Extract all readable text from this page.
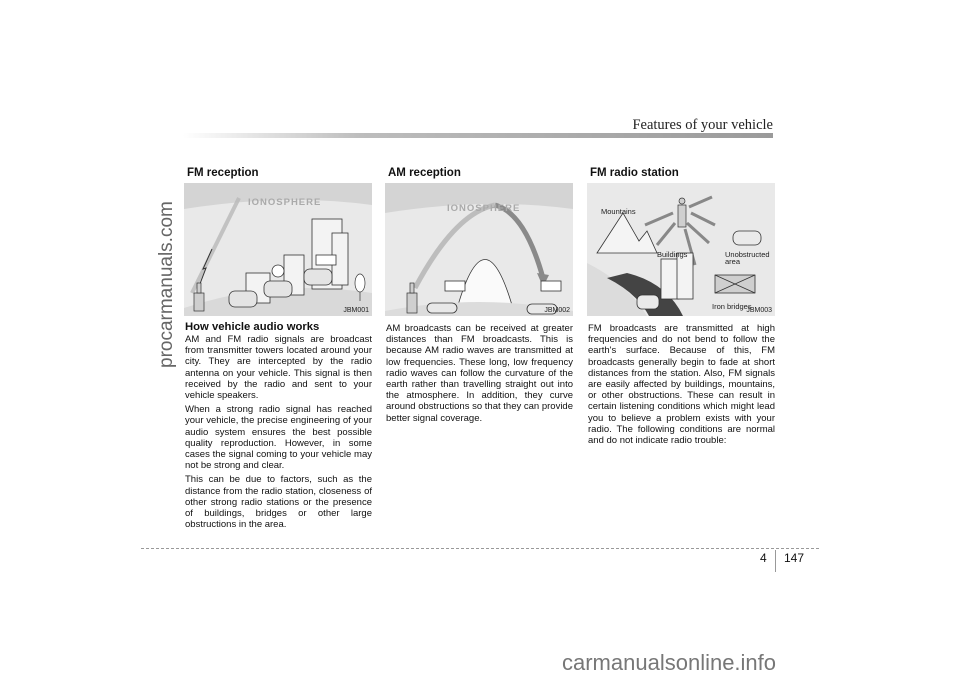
procarmanuals.com
Features of your vehicle
FM reception
IONOSPHERE
JBM001
How vehicle audio works

AM and FM radio signals are broadcast from transmitter towers located around your city. They are intercepted by the radio antenna on your vehicle. This signal is then received by the radio and sent to your vehicle speakers.

When a strong radio signal has reached your vehicle, the precise engineering of your audio system ensures the best possible quality reproduction. However, in some cases the signal coming to your vehicle may not be strong and clear.

This can be due to factors, such as the distance from the radio station, closeness of other strong radio stations or the presence of buildings, bridges or other large obstructions in the area.

AM reception
IONOSPHERE
JBM002

AM broadcasts can be received at greater distances than FM broadcasts. This is because AM radio waves are transmitted at low frequencies. These long, low frequency radio waves can follow the curvature of the earth rather than travelling straight out into the atmosphere. In addition, they curve around obstructions so that they can provide better signal coverage.

FM radio station
Mountains
Buildings	Unobstructed area
Iron bridges
JBM003

FM broadcasts are transmitted at high frequencies and do not bend to follow the earth's surface. Because of this, FM broadcasts generally begin to fade at short distances from the station. Also, FM signals are easily affected by buildings, mountains, or other obstructions. These can result in certain listening conditions which might lead you to believe a problem exists with your radio. The following conditions are normal and do not indicate radio trouble:

4 147
carmanualsonline.info
